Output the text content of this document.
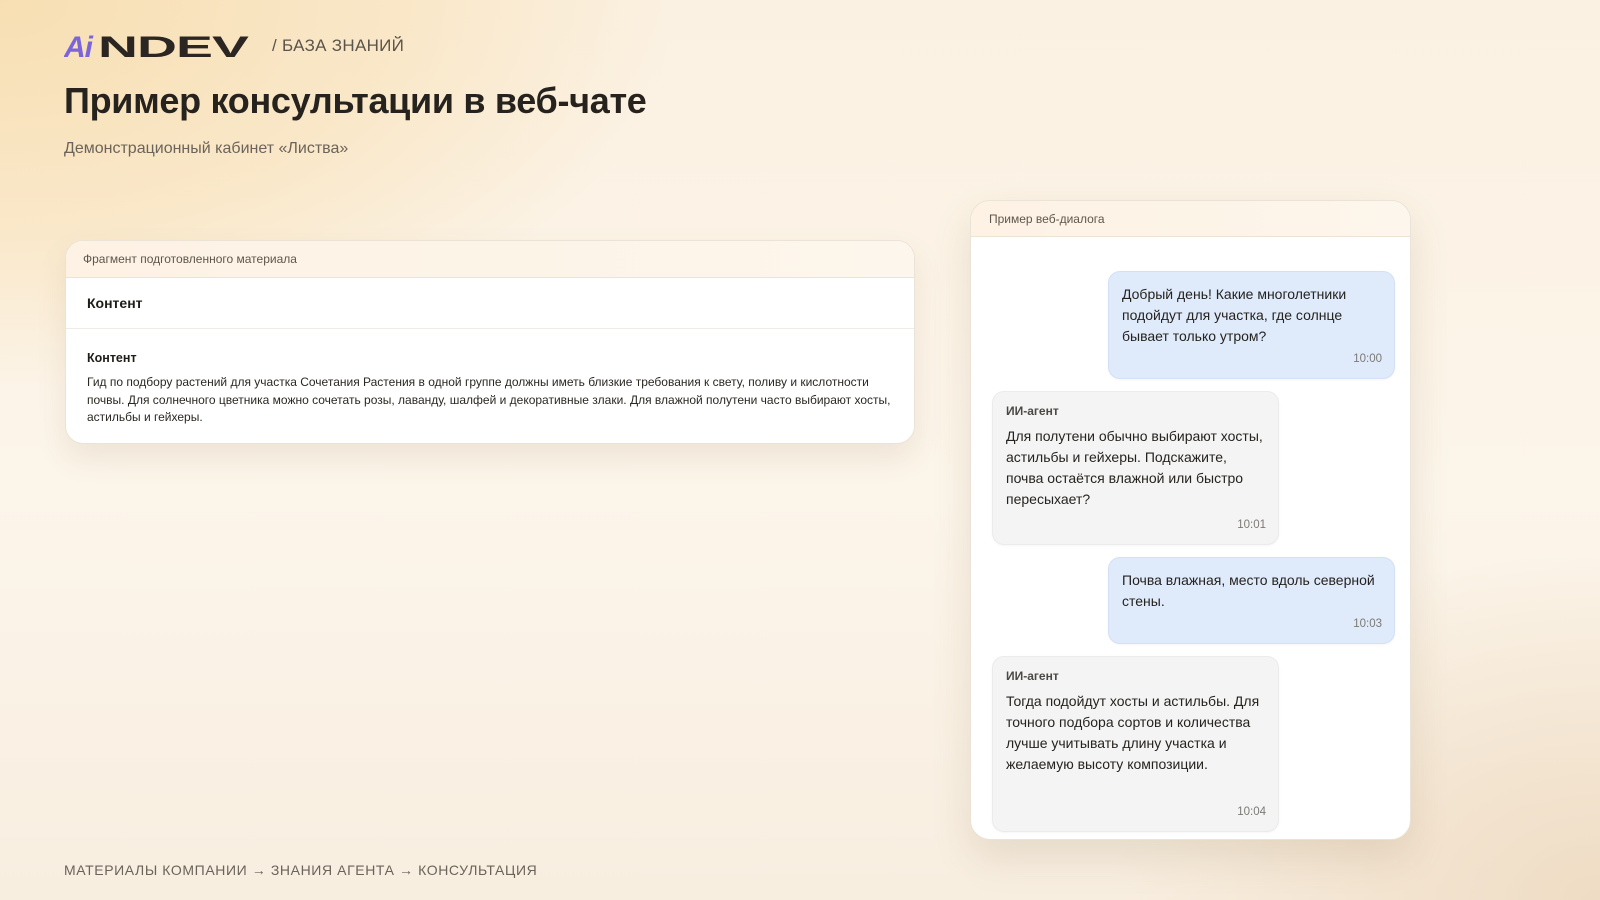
Ai NDEV / БАЗА ЗНАНИЙ
Пример консультации в веб-чате
Демонстрационный кабинет «Листва»
Фрагмент подготовленного материала
Контент
Контент
Гид по подбору растений для участка Сочетания Растения в одной группе должны иметь близкие требования к свету, поливу и кислотности почвы. Для солнечного цветника можно сочетать розы, лаванду, шалфей и декоративные злаки. Для влажной полутени часто выбирают хосты, астильбы и гейхеры.
Пример веб-диалога
Добрый день! Какие многолетники подойдут для участка, где солнце бывает только утром?
10:00
ИИ-агент
Для полутени обычно выбирают хосты, астильбы и гейхеры. Подскажите, почва остаётся влажной или быстро пересыхает?
10:01
Почва влажная, место вдоль северной стены.
10:03
ИИ-агент
Тогда подойдут хосты и астильбы. Для точного подбора сортов и количества лучше учитывать длину участка и желаемую высоту композиции.
10:04
МАТЕРИАЛЫ КОМПАНИИ → ЗНАНИЯ АГЕНТА → КОНСУЛЬТАЦИЯ
